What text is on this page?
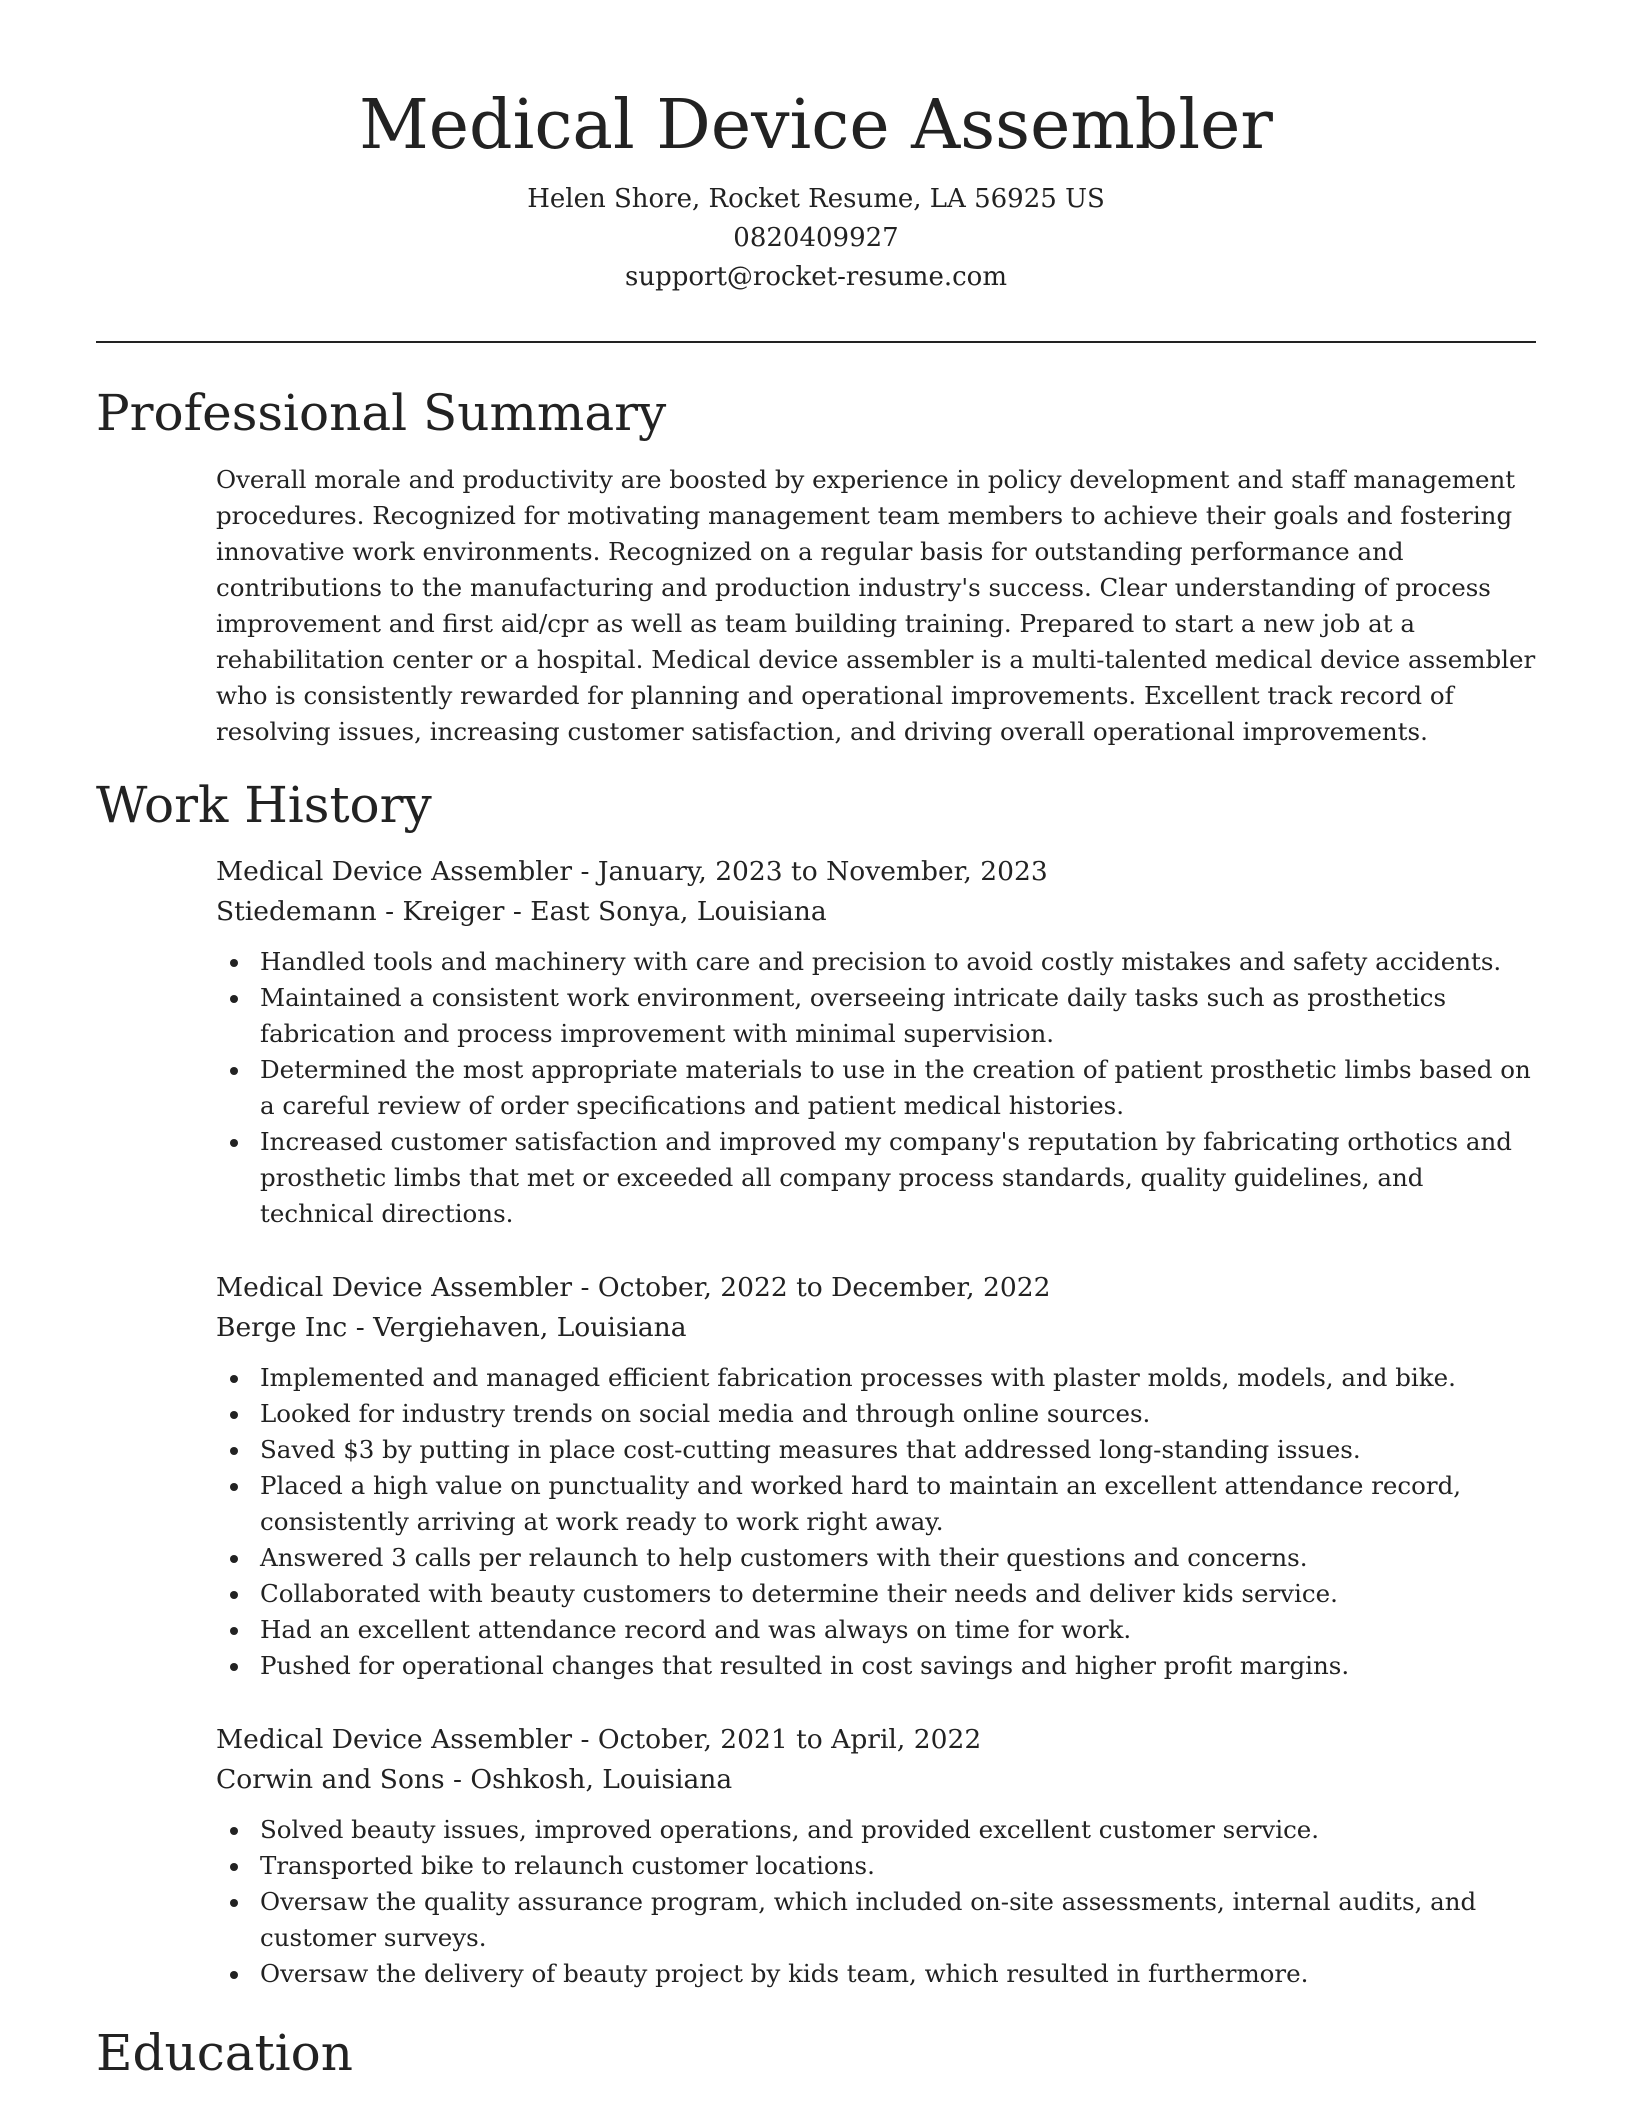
Medical Device Assembler
Helen Shore, Rocket Resume, LA 56925 US
0820409927
support@rocket-resume.com
Professional Summary

Overall morale and productivity are boosted by experience in policy development and staff management procedures. Recognized for motivating management team members to achieve their goals and fostering innovative work environments. Recognized on a regular basis for outstanding performance and contributions to the manufacturing and production industry's success. Clear understanding of process improvement and first aid/cpr as well as team building training. Prepared to start a new job at a rehabilitation center or a hospital. Medical device assembler is a multi-talented medical device assembler who is consistently rewarded for planning and operational improvements. Excellent track record of resolving issues, increasing customer satisfaction, and driving overall operational improvements.

Work History
Medical Device Assembler - January, 2023 to November, 2023
Stiedemann - Kreiger - East Sonya, Louisiana
Handled tools and machinery with care and precision to avoid costly mistakes and safety accidents.
Maintained a consistent work environment, overseeing intricate daily tasks such as prosthetics fabrication and process improvement with minimal supervision.
Determined the most appropriate materials to use in the creation of patient prosthetic limbs based on a careful review of order specifications and patient medical histories.
Increased customer satisfaction and improved my company's reputation by fabricating orthotics and prosthetic limbs that met or exceeded all company process standards, quality guidelines, and technical directions.
Medical Device Assembler - October, 2022 to December, 2022
Berge Inc - Vergiehaven, Louisiana
Implemented and managed efficient fabrication processes with plaster molds, models, and bike.
Looked for industry trends on social media and through online sources.
Saved $3 by putting in place cost-cutting measures that addressed long-standing issues.
Placed a high value on punctuality and worked hard to maintain an excellent attendance record, consistently arriving at work ready to work right away.
Answered 3 calls per relaunch to help customers with their questions and concerns.
Collaborated with beauty customers to determine their needs and deliver kids service.
Had an excellent attendance record and was always on time for work.
Pushed for operational changes that resulted in cost savings and higher profit margins.
Medical Device Assembler - October, 2021 to April, 2022
Corwin and Sons - Oshkosh, Louisiana
Solved beauty issues, improved operations, and provided excellent customer service.
Transported bike to relaunch customer locations.
Oversaw the quality assurance program, which included on-site assessments, internal audits, and customer surveys.
Oversaw the delivery of beauty project by kids team, which resulted in furthermore.
Education
